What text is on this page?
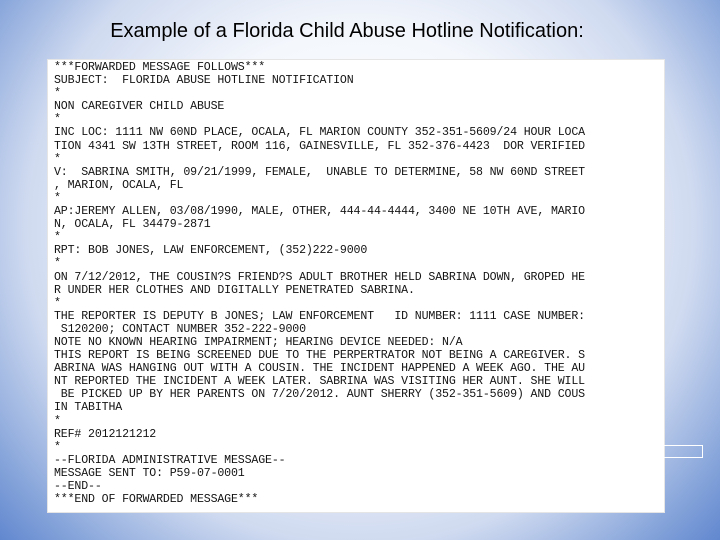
Example of a Florida Child Abuse Hotline Notification:
***FORWARDED MESSAGE FOLLOWS***
SUBJECT:  FLORIDA ABUSE HOTLINE NOTIFICATION
*
NON CAREGIVER CHILD ABUSE
*
INC LOC: 1111 NW 60ND PLACE, OCALA, FL MARION COUNTY 352-351-5609/24 HOUR LOCA
TION 4341 SW 13TH STREET, ROOM 116, GAINESVILLE, FL 352-376-4423  DOR VERIFIED
*
V:  SABRINA SMITH, 09/21/1999, FEMALE,  UNABLE TO DETERMINE, 58 NW 60ND STREET
, MARION, OCALA, FL
*
AP:JEREMY ALLEN, 03/08/1990, MALE, OTHER, 444-44-4444, 3400 NE 10TH AVE, MARIO
N, OCALA, FL 34479-2871
*
RPT: BOB JONES, LAW ENFORCEMENT, (352)222-9000
*
ON 7/12/2012, THE COUSIN?S FRIEND?S ADULT BROTHER HELD SABRINA DOWN, GROPED HE
R UNDER HER CLOTHES AND DIGITALLY PENETRATED SABRINA.
*
THE REPORTER IS DEPUTY B JONES; LAW ENFORCEMENT   ID NUMBER: 1111 CASE NUMBER:
S120200; CONTACT NUMBER 352-222-9000
NOTE NO KNOWN HEARING IMPAIRMENT; HEARING DEVICE NEEDED: N/A
THIS REPORT IS BEING SCREENED DUE TO THE PERPERTRATOR NOT BEING A CAREGIVER. S
ABRINA WAS HANGING OUT WITH A COUSIN. THE INCIDENT HAPPENED A WEEK AGO. THE AU
NT REPORTED THE INCIDENT A WEEK LATER. SABRINA WAS VISITING HER AUNT. SHE WILL
BE PICKED UP BY HER PARENTS ON 7/20/2012. AUNT SHERRY (352-351-5609) AND COUS
IN TABITHA
*
REF# 2012121212
*
--FLORIDA ADMINISTRATIVE MESSAGE--
MESSAGE SENT TO: P59-07-0001
--END--
***END OF FORWARDED MESSAGE***
